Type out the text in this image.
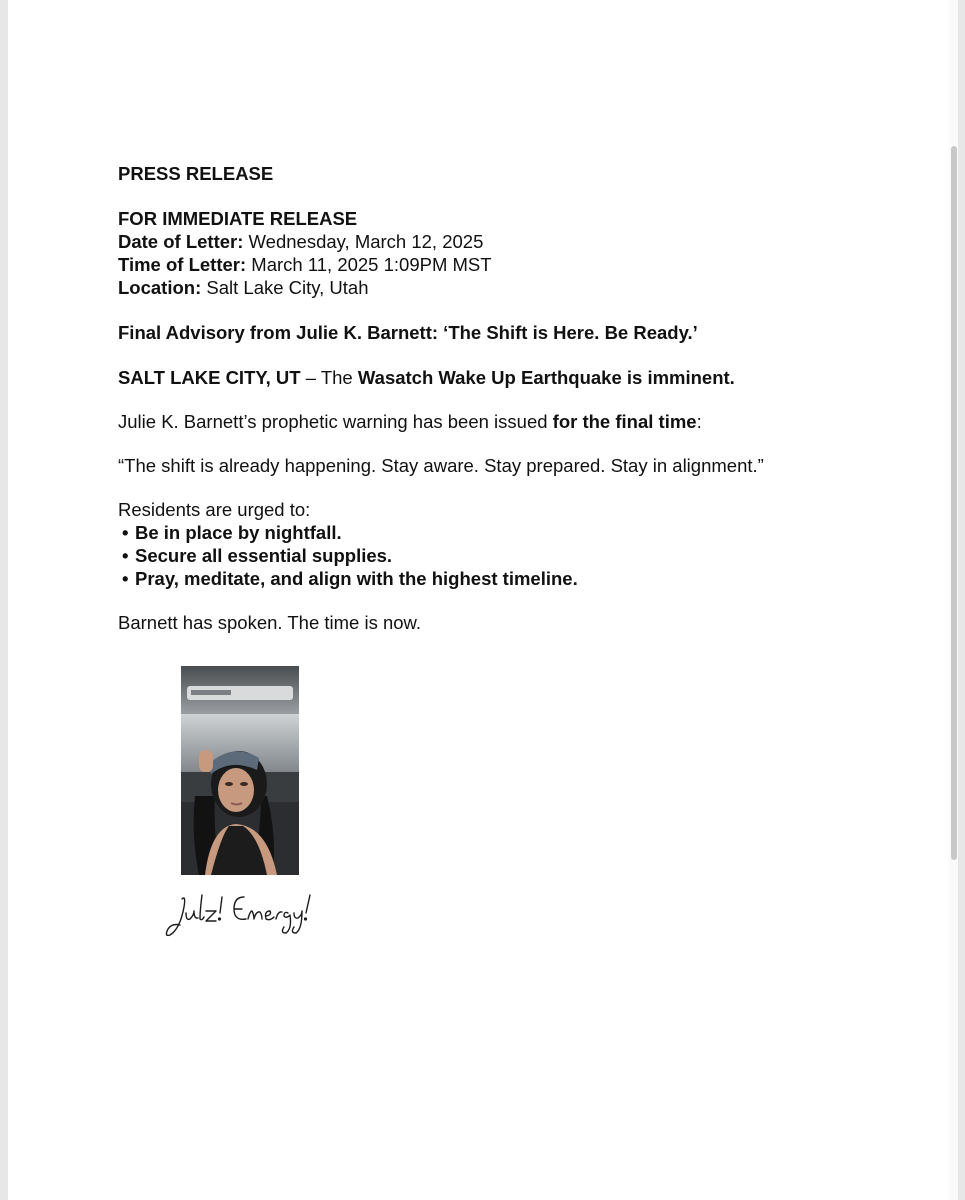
PRESS RELEASE

FOR IMMEDIATE RELEASE

Date of Letter: Wednesday, March 12, 2025

Time of Letter: March 11, 2025 1:09PM MST

Location: Salt Lake City, Utah

Final Advisory from Julie K. Barnett: ‘The Shift is Here. Be Ready.’

SALT LAKE CITY, UT – The Wasatch Wake Up Earthquake is imminent.

Julie K. Barnett’s prophetic warning has been issued for the final time:

“The shift is already happening. Stay aware. Stay prepared. Stay in alignment.”

Residents are urged to:

• Be in place by nightfall.

• Secure all essential supplies.

• Pray, meditate, and align with the highest timeline.

Barnett has spoken. The time is now.
